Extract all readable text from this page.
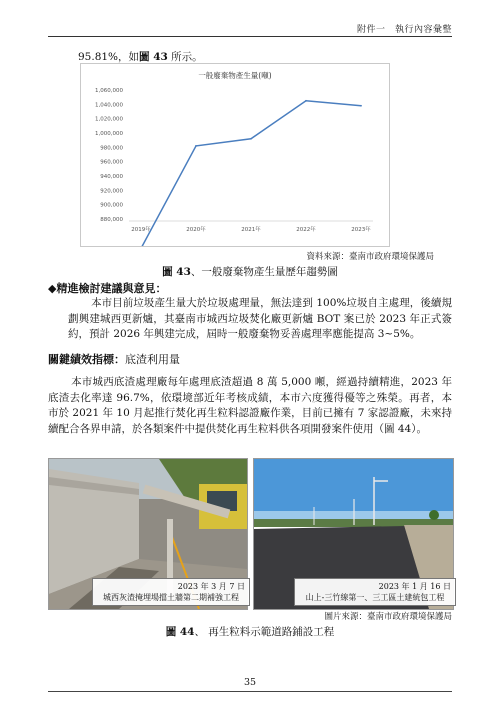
附件一　執行內容彙整
95.81%，如圖 43 所示。
一般廢棄物產生量(噸)
1,060,000
1,040,000
1,020,000
1,000,000
980,000
960,000
940,000
920,000
900,000
880,000
2019年	2020年	2021年	2022年	2023年
資料來源：臺南市政府環境保護局
圖 43、一般廢棄物產生量歷年趨勢圖
◆精進檢討建議與意見：
本市目前垃圾產生量大於垃圾處理量，無法達到 100%垃圾自主處理，後續規劃興建城西更新爐，其臺南市城西垃圾焚化廠更新爐 BOT 案已於 2023 年正式簽約，預計 2026 年興建完成，屆時一般廢棄物妥善處理率應能提高 3~5%。
關鍵績效指標：底渣利用量
本市城西底渣處理廠每年處理底渣超過 8 萬 5,000 噸，經過持續精進，2023 年底渣去化率達 96.7%，依環境部近年考核成績，本市六度獲得優等之殊榮。再者，本市於 2021 年 10 月起推行焚化再生粒料認證廠作業，目前已擁有 7 家認證廠，未來持續配合各界申請，於各類案件中提供焚化再生粒料供各項開發案件使用（圖 44）。
2023 年 3 月 7 日
城西灰渣掩埋場擋土牆第二期補強工程
2023 年 1 月 16 日
山上-三竹線第一、三工區土建統包工程
圖片來源：臺南市政府環境保護局
圖 44、 再生粒料示範道路鋪設工程
35
